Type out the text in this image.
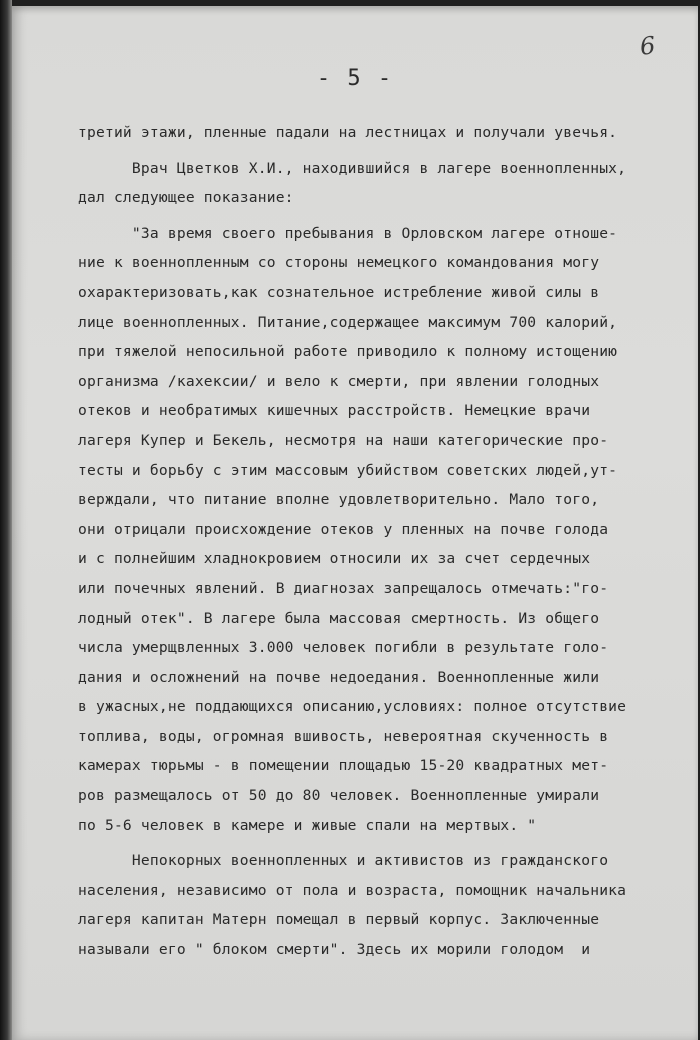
6
- 5 -
третий этажи, пленные падали на лестницах и получали увечья.
Врач Цветков Х.И., находившийся в лагере военнопленных,
дал следующее показание:
"За время своего пребывания в Орловском лагере отноше-
ние к военнопленным со стороны немецкого командования могу
охарактеризовать,как сознательное истребление живой силы в
лице военнопленных. Питание,содержащее максимум 700 калорий,
при тяжелой непосильной работе приводило к полному истощению
организма /кахексии/ и вело к смерти, при явлении голодных
отеков и необратимых кишечных расстройств. Немецкие врачи
лагеря Купер и Бекель, несмотря на наши категорические про-
тесты и борьбу с этим массовым убийством советских людей,ут-
верждали, что питание вполне удовлетворительно. Мало того,
они отрицали происхождение отеков у пленных на почве голода
и с полнейшим хладнокровием относили их за счет сердечных
или почечных явлений. В диагнозах запрещалось отмечать:"го-
лодный отек". В лагере была массовая смертность. Из общего
числа умерщвленных 3.000 человек погибли в результате голо-
дания и осложнений на почве недоедания. Военнопленные жили
в ужасных,не поддающихся описанию,условиях: полное отсутствие
топлива, воды, огромная вшивость, невероятная скученность в
камерах тюрьмы - в помещении площадью 15-20 квадратных мет-
ров размещалось от 50 до 80 человек. Военнопленные умирали
по 5-6 человек в камере и живые спали на мертвых. "
Непокорных военнопленных и активистов из гражданского
населения, независимо от пола и возраста, помощник начальника
лагеря капитан Матерн помещал в первый корпус. Заключенные
называли его " блоком смерти". Здесь их морили голодом  и
